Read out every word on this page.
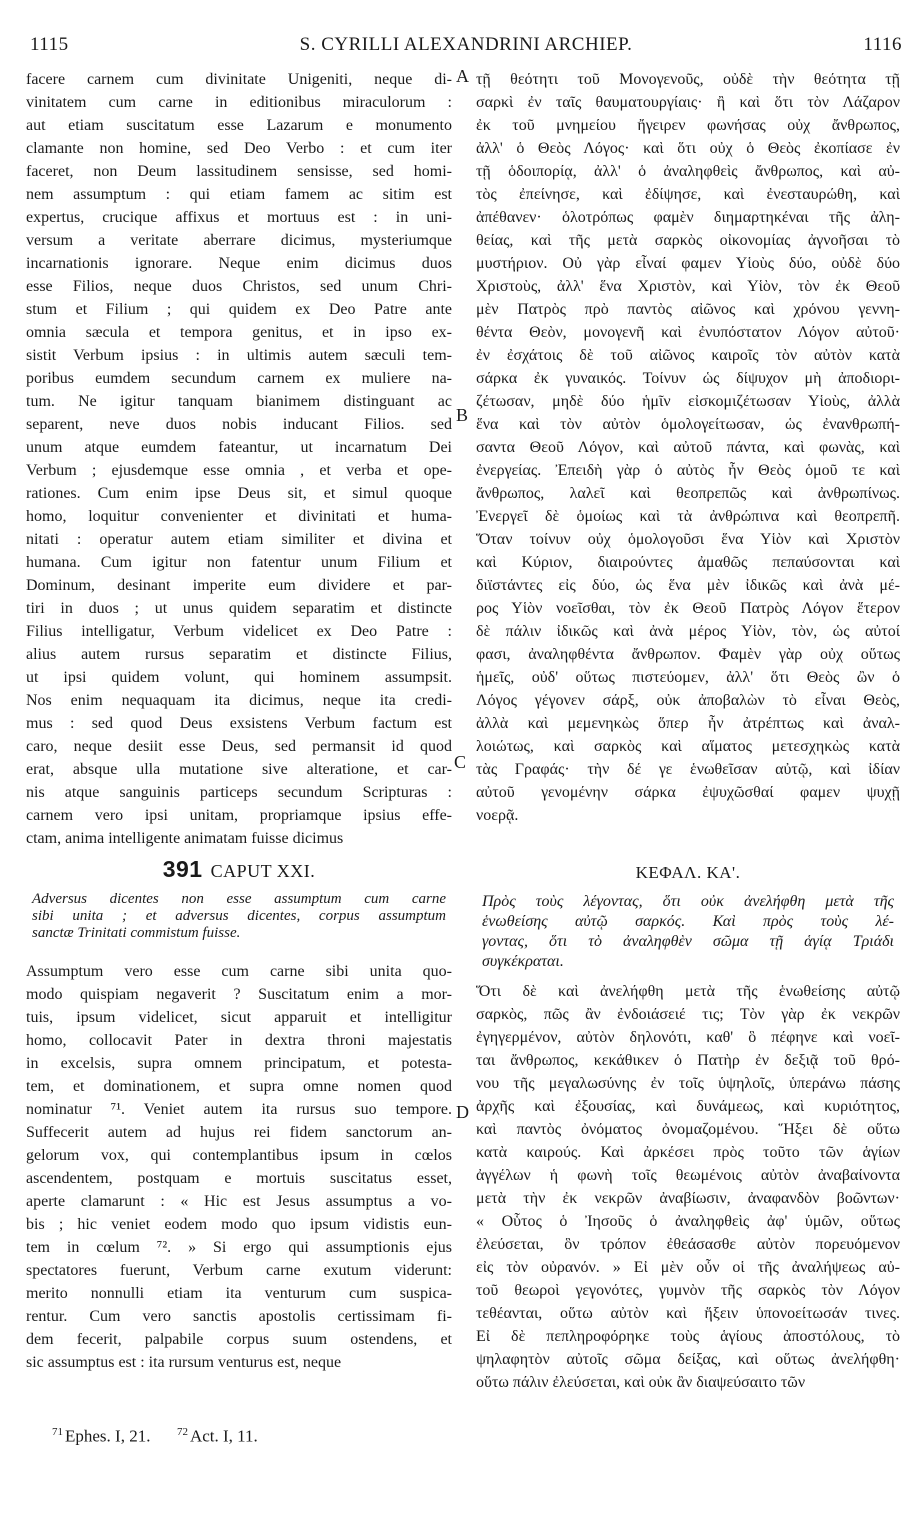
1115	S. CYRILLI ALEXANDRINI ARCHIEP.	1116
A
B
C
D
facere carnem cum divinitate Unigeniti, neque di-
vinitatem cum carne in editionibus miraculorum :
aut etiam suscitatum esse Lazarum e monumento
clamante non homine, sed Deo Verbo : et cum iter
faceret, non Deum lassitudinem sensisse, sed homi-
nem assumptum : qui etiam famem ac sitim est
expertus, crucique affixus et mortuus est : in uni-
versum a veritate aberrare dicimus, mysteriumque
incarnationis ignorare. Neque enim dicimus duos
esse Filios, neque duos Christos, sed unum Chri-
stum et Filium ; qui quidem ex Deo Patre ante
omnia sæcula et tempora genitus, et in ipso ex-
sistit Verbum ipsius : in ultimis autem sæculi tem-
poribus eumdem secundum carnem ex muliere na-
tum. Ne igitur tanquam bianimem distinguant ac
separent, neve duos nobis inducant Filios. sed
unum atque eumdem fateantur, ut incarnatum Dei
Verbum ; ejusdemque esse omnia , et verba et ope-
rationes. Cum enim ipse Deus sit, et simul quoque
homo, loquitur convenienter et divinitati et huma-
nitati : operatur autem etiam similiter et divina et
humana. Cum igitur non fatentur unum Filium et
Dominum, desinant imperite eum dividere et par-
tiri in duos ; ut unus quidem separatim et distincte
Filius intelligatur, Verbum videlicet ex Deo Patre :
alius autem rursus separatim et distincte Filius,
ut ipsi quidem volunt, qui hominem assumpsit.
Nos enim nequaquam ita dicimus, neque ita credi-
mus : sed quod Deus exsistens Verbum factum est
caro, neque desiit esse Deus, sed permansit id quod
erat, absque ulla mutatione sive alteratione, et car-
nis atque sanguinis particeps secundum Scripturas :
carnem vero ipsi unitam, propriamque ipsius effe-
ctam, anima intelligente animatam fuisse dicimus
391 CAPUT XXI.
Adversus dicentes non esse assumptum cum carne
sibi unita ; et adversus dicentes, corpus assumptum
sanctæ Trinitati commistum fuisse.
Assumptum vero esse cum carne sibi unita quo-
modo quispiam negaverit ? Suscitatum enim a mor-
tuis, ipsum videlicet, sicut apparuit et intelligitur
homo, collocavit Pater in dextra throni majestatis
in excelsis, supra omnem principatum, et potesta-
tem, et dominationem, et supra omne nomen quod
nominatur ⁷¹. Veniet autem ita rursus suo tempore.
Suffecerit autem ad hujus rei fidem sanctorum an-
gelorum vox, qui contemplantibus ipsum in cœlos
ascendentem, postquam e mortuis suscitatus esset,
aperte clamarunt : « Hic est Jesus assumptus a vo-
bis ; hic veniet eodem modo quo ipsum vidistis eun-
tem in cœlum ⁷². » Si ergo qui assumptionis ejus
spectatores fuerunt, Verbum carne exutum viderunt:
merito nonnulli etiam ita venturum cum suspica-
rentur. Cum vero sanctis apostolis certissimam fi-
dem fecerit, palpabile corpus suum ostendens, et
sic assumptus est : ita rursum venturus est, neque
τῇ θεότητι τοῦ Μονογενοῦς, οὐδὲ τὴν θεότητα τῇ
σαρκὶ ἐν ταῖς θαυματουργίαις· ἢ καὶ ὅτι τὸν Λάζαρον
ἐκ τοῦ μνημείου ἤγειρεν φωνήσας οὐχ ἄνθρωπος,
ἀλλ' ὁ Θεὸς Λόγος· καὶ ὅτι οὐχ ὁ Θεὸς ἐκοπίασε ἐν
τῇ ὁδοιπορίᾳ, ἀλλ' ὁ ἀναληφθεὶς ἄνθρωπος, καὶ αὐ-
τὸς ἐπείνησε, καὶ ἐδίψησε, καὶ ἐνεσταυρώθη, καὶ
ἀπέθανεν· ὁλοτρόπως φαμὲν διημαρτηκέναι τῆς ἀλη-
θείας, καὶ τῆς μετὰ σαρκὸς οἰκονομίας ἀγνοῆσαι τὸ
μυστήριον. Οὐ γὰρ εἶναί φαμεν Υἱοὺς δύο, οὐδὲ δύο
Χριστοὺς, ἀλλ' ἕνα Χριστὸν, καὶ Υἱὸν, τὸν ἐκ Θεοῦ
μὲν Πατρὸς πρὸ παντὸς αἰῶνος καὶ χρόνου γεννη-
θέντα Θεὸν, μονογενῆ καὶ ἐνυπόστατον Λόγον αὐτοῦ·
ἐν ἐσχάτοις δὲ τοῦ αἰῶνος καιροῖς τὸν αὐτὸν κατὰ
σάρκα ἐκ γυναικός. Τοίνυν ὡς δίψυχον μὴ ἀποδιορι-
ζέτωσαν, μηδὲ δύο ἡμῖν εἰσκομιζέτωσαν Υἱοὺς, ἀλλὰ
ἕνα καὶ τὸν αὐτὸν ὁμολογείτωσαν, ὡς ἐνανθρωπή-
σαντα Θεοῦ Λόγον, καὶ αὐτοῦ πάντα, καὶ φωνὰς, καὶ
ἐνεργείας. Ἐπειδὴ γὰρ ὁ αὐτὸς ἦν Θεὸς ὁμοῦ τε καὶ
ἄνθρωπος, λαλεῖ καὶ θεοπρεπῶς καὶ ἀνθρωπίνως.
Ἐνεργεῖ δὲ ὁμοίως καὶ τὰ ἀνθρώπινα καὶ θεοπρεπῆ.
Ὅταν τοίνυν οὐχ ὁμολογοῦσι ἕνα Υἱὸν καὶ Χριστὸν
καὶ Κύριον, διαιρούντες ἀμαθῶς πεπαύσονται καὶ
διϊστάντες εἰς δύο, ὡς ἕνα μὲν ἰδικῶς καὶ ἀνὰ μέ-
ρος Υἱὸν νοεῖσθαι, τὸν ἐκ Θεοῦ Πατρὸς Λόγον ἕτερον
δὲ πάλιν ἰδικῶς καὶ ἀνὰ μέρος Υἱὸν, τὸν, ὡς αὐτοί
φασι, ἀναληφθέντα ἄνθρωπον. Φαμὲν γὰρ οὐχ οὕτως
ἡμεῖς, οὐδ' οὕτως πιστεύομεν, ἀλλ' ὅτι Θεὸς ὢν ὁ
Λόγος γέγονεν σάρξ, οὐκ ἀποβαλὼν τὸ εἶναι Θεὸς,
ἀλλὰ καὶ μεμενηκὼς ὅπερ ἦν ἀτρέπτως καὶ ἀναλ-
λοιώτως, καὶ σαρκὸς καὶ αἵματος μετεσχηκὼς κατὰ
τὰς Γραφάς· τὴν δέ γε ἑνωθεῖσαν αὐτῷ, καὶ ἰδίαν
αὐτοῦ γενομένην σάρκα ἐψυχῶσθαί φαμεν ψυχῇ
νοερᾷ.
ΚΕΦΑΛ. ΚΑ'.
Πρὸς τοὺς λέγοντας, ὅτι οὐκ ἀνελήφθη μετὰ τῆς
ἑνωθείσης αὐτῷ σαρκός. Καὶ πρὸς τοὺς λέ-
γοντας, ὅτι τὸ ἀναληφθὲν σῶμα τῇ ἁγίᾳ Τριάδι
συγκέκραται.
Ὅτι δὲ καὶ ἀνελήφθη μετὰ τῆς ἑνωθείσης αὐτῷ
σαρκὸς, πῶς ἂν ἐνδοιάσειέ τις; Τὸν γὰρ ἐκ νεκρῶν
ἐγηγερμένον, αὐτὸν δηλονότι, καθ' ὃ πέφηνε καὶ νοεῖ-
ται ἄνθρωπος, κεκάθικεν ὁ Πατὴρ ἐν δεξιᾷ τοῦ θρό-
νου τῆς μεγαλωσύνης ἐν τοῖς ὑψηλοῖς, ὑπεράνω πάσης
ἀρχῆς καὶ ἐξουσίας, καὶ δυνάμεως, καὶ κυριότητος,
καὶ παντὸς ὀνόματος ὀνομαζομένου. Ἥξει δὲ οὕτω
κατὰ καιρούς. Καὶ ἀρκέσει πρὸς τοῦτο τῶν ἁγίων
ἀγγέλων ἡ φωνὴ τοῖς θεωμένοις αὐτὸν ἀναβαίνοντα
μετὰ τὴν ἐκ νεκρῶν ἀναβίωσιν, ἀναφανδὸν βοῶντων·
« Οὗτος ὁ Ἰησοῦς ὁ ἀναληφθεὶς ἀφ' ὑμῶν, οὕτως
ἐλεύσεται, ὃν τρόπον ἐθεάσασθε αὐτὸν πορευόμενον
εἰς τὸν οὐρανόν. » Εἰ μὲν οὖν οἱ τῆς ἀναλήψεως αὐ-
τοῦ θεωροὶ γεγονότες, γυμνὸν τῆς σαρκὸς τὸν Λόγον
τεθέανται, οὕτω αὐτὸν καὶ ἥξειν ὑπονοείτωσάν τινες.
Εἰ δὲ πεπληροφόρηκε τοὺς ἁγίους ἀποστόλους, τὸ
ψηλαφητὸν αὐτοῖς σῶμα δείξας, καὶ οὕτως ἀνελήφθη·
οὕτω πάλιν ἐλεύσεται, καὶ οὐκ ἂν διαψεύσαιτο τῶν
$^{71}$ Ephes. I, 21. $^{72}$ Act. I, 11.
